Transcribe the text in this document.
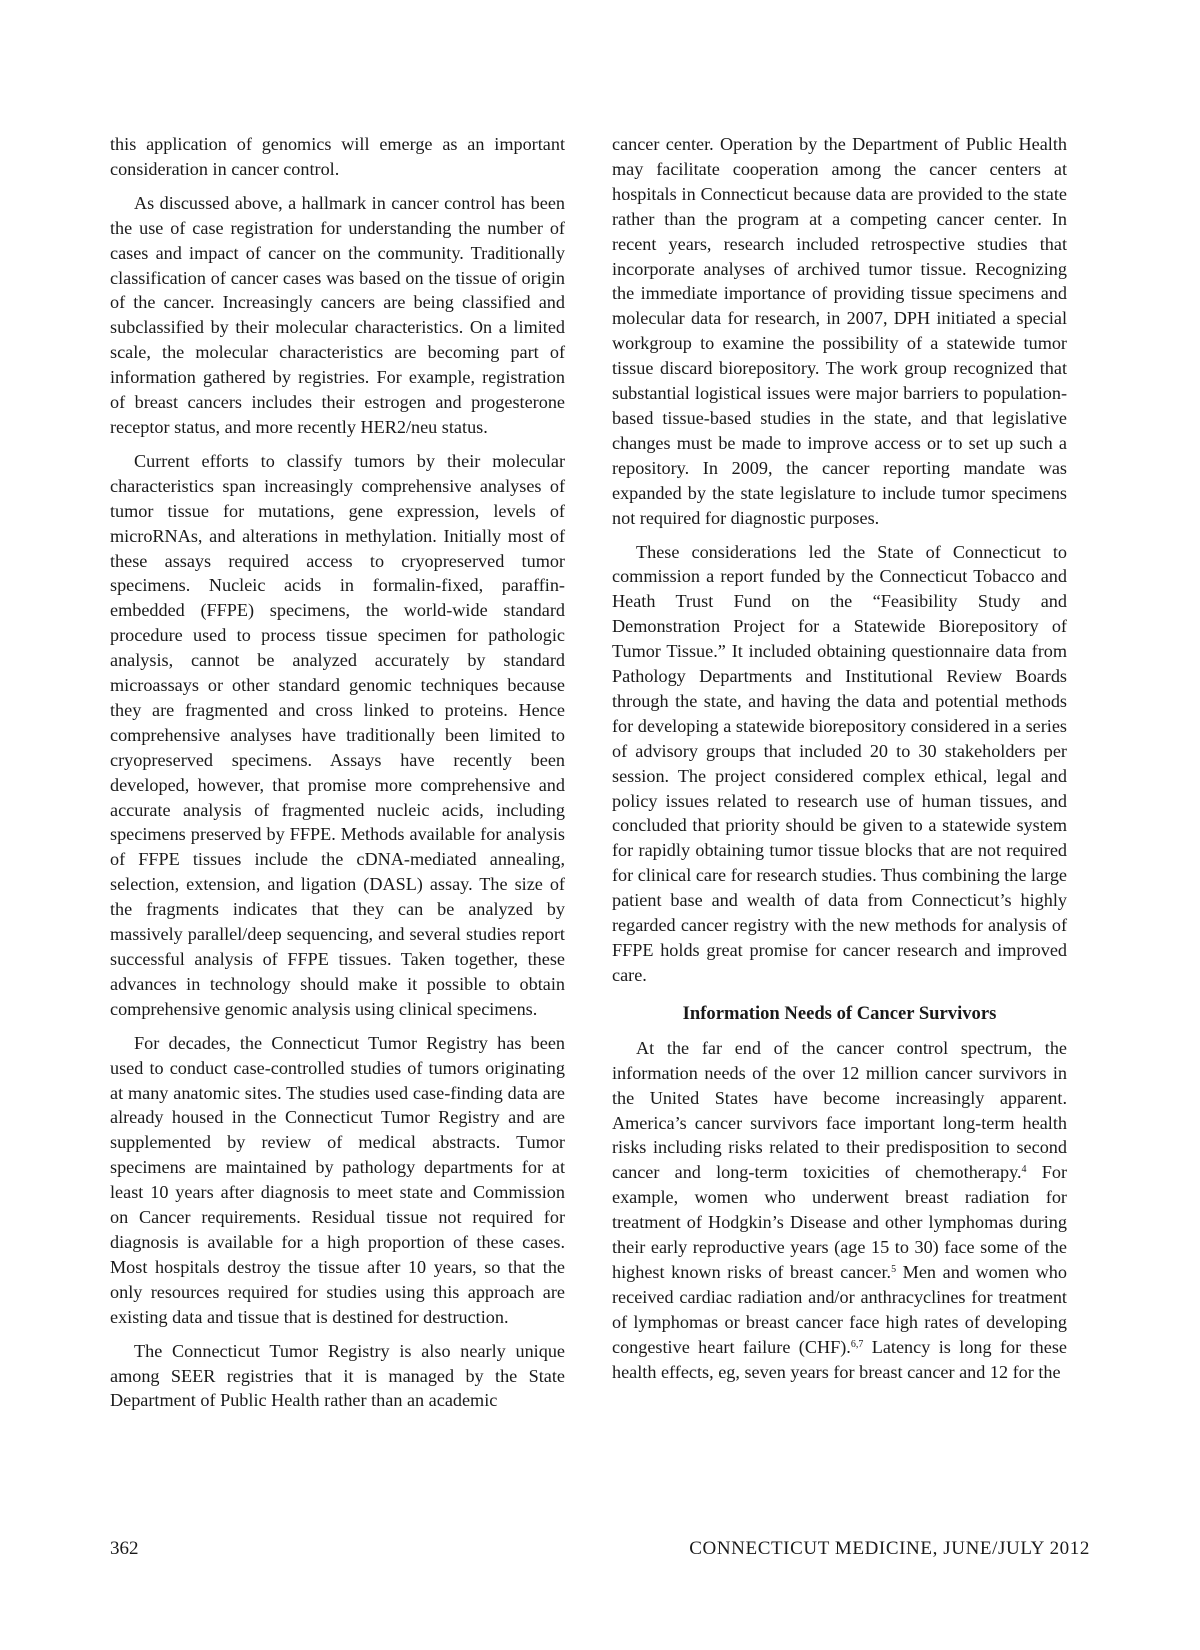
this application of genomics will emerge as an important consideration in cancer control.

As discussed above, a hallmark in cancer control has been the use of case registration for understanding the number of cases and impact of cancer on the community. Traditionally classification of cancer cases was based on the tissue of origin of the cancer. Increasingly cancers are being classified and subclassified by their molecular characteristics. On a limited scale, the molecular characteristics are becoming part of information gathered by registries. For example, registration of breast cancers includes their estrogen and progesterone receptor status, and more recently HER2/neu status.

Current efforts to classify tumors by their molecular characteristics span increasingly comprehensive analyses of tumor tissue for mutations, gene expression, levels of microRNAs, and alterations in methylation. Initially most of these assays required access to cryopreserved tumor specimens. Nucleic acids in formalin-fixed, paraffin-embedded (FFPE) specimens, the world-wide standard procedure used to process tissue specimen for pathologic analysis, cannot be analyzed accurately by standard microassays or other standard genomic techniques because they are fragmented and cross linked to proteins. Hence comprehensive analyses have traditionally been limited to cryopreserved specimens. Assays have recently been developed, however, that promise more comprehensive and accurate analysis of fragmented nucleic acids, including specimens preserved by FFPE. Methods available for analysis of FFPE tissues include the cDNA-mediated annealing, selection, extension, and ligation (DASL) assay. The size of the fragments indicates that they can be analyzed by massively parallel/deep sequencing, and several studies report successful analysis of FFPE tissues. Taken together, these advances in technology should make it possible to obtain comprehensive genomic analysis using clinical specimens.

For decades, the Connecticut Tumor Registry has been used to conduct case-controlled studies of tumors originating at many anatomic sites. The studies used case-finding data are already housed in the Connecticut Tumor Registry and are supplemented by review of medical abstracts. Tumor specimens are maintained by pathology departments for at least 10 years after diagnosis to meet state and Commission on Cancer requirements. Residual tissue not required for diagnosis is available for a high proportion of these cases. Most hospitals destroy the tissue after 10 years, so that the only resources required for studies using this approach are existing data and tissue that is destined for destruction.

The Connecticut Tumor Registry is also nearly unique among SEER registries that it is managed by the State Department of Public Health rather than an academic

cancer center. Operation by the Department of Public Health may facilitate cooperation among the cancer centers at hospitals in Connecticut because data are provided to the state rather than the program at a competing cancer center. In recent years, research included retrospective studies that incorporate analyses of archived tumor tissue. Recognizing the immediate importance of providing tissue specimens and molecular data for research, in 2007, DPH initiated a special workgroup to examine the possibility of a statewide tumor tissue discard biorepository. The work group recognized that substantial logistical issues were major barriers to population-based tissue-based studies in the state, and that legislative changes must be made to improve access or to set up such a repository. In 2009, the cancer reporting mandate was expanded by the state legislature to include tumor specimens not required for diagnostic purposes.

These considerations led the State of Connecticut to commission a report funded by the Connecticut Tobacco and Heath Trust Fund on the “Feasibility Study and Demonstration Project for a Statewide Biorepository of Tumor Tissue.” It included obtaining questionnaire data from Pathology Departments and Institutional Review Boards through the state, and having the data and potential methods for developing a statewide biorepository considered in a series of advisory groups that included 20 to 30 stakeholders per session. The project considered complex ethical, legal and policy issues related to research use of human tissues, and concluded that priority should be given to a statewide system for rapidly obtaining tumor tissue blocks that are not required for clinical care for research studies. Thus combining the large patient base and wealth of data from Connecticut’s highly regarded cancer registry with the new methods for analysis of FFPE holds great promise for cancer research and improved care.

Information Needs of Cancer Survivors

At the far end of the cancer control spectrum, the information needs of the over 12 million cancer survivors in the United States have become increasingly apparent. America’s cancer survivors face important long-term health risks including risks related to their predisposition to second cancer and long-term toxicities of chemotherapy.$^4$ For example, women who underwent breast radiation for treatment of Hodgkin’s Disease and other lymphomas during their early reproductive years (age 15 to 30) face some of the highest known risks of breast cancer.$^5$ Men and women who received cardiac radiation and/or anthracyclines for treatment of lymphomas or breast cancer face high rates of developing congestive heart failure (CHF).$^{6,7}$ Latency is long for these health effects, eg, seven years for breast cancer and 12 for the

362	CONNECTICUT MEDICINE, JUNE/JULY 2012
